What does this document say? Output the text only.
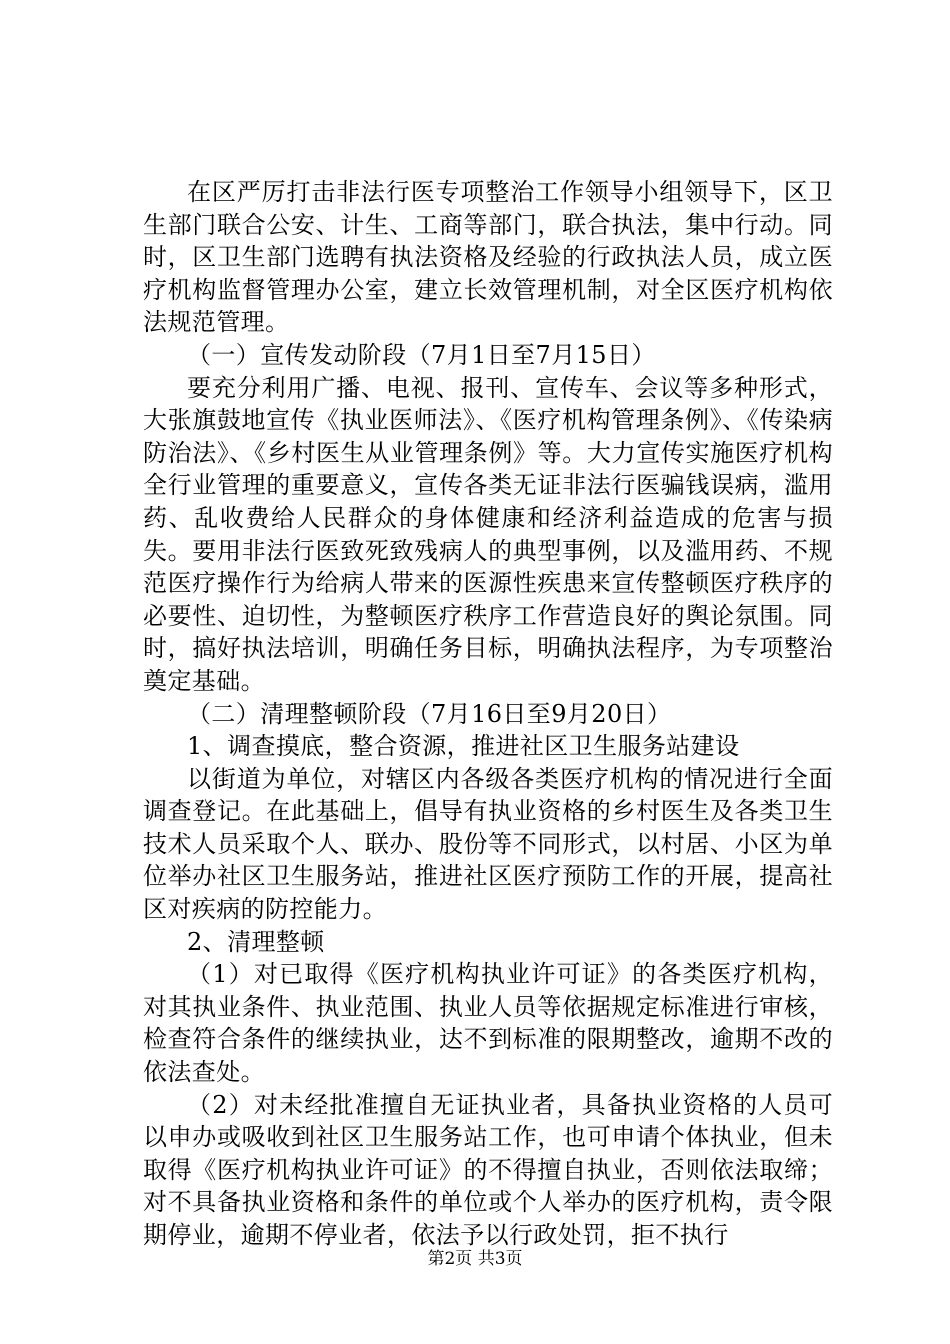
在区严厉打击非法行医专项整治工作领导小组领导下，区卫生部门联合公安、计生、工商等部门，联合执法，集中行动。同时，区卫生部门选聘有执法资格及经验的行政执法人员，成立医疗机构监督管理办公室，建立长效管理机制，对全区医疗机构依法规范管理。

（一）宣传发动阶段（7月1日至7月15日）

要充分利用广播、电视、报刊、宣传车、会议等多种形式，大张旗鼓地宣传《执业医师法》、《医疗机构管理条例》、《传染病防治法》、《乡村医生从业管理条例》等。大力宣传实施医疗机构全行业管理的重要意义，宣传各类无证非法行医骗钱误病，滥用药、乱收费给人民群众的身体健康和经济利益造成的危害与损失。要用非法行医致死致残病人的典型事例，以及滥用药、不规范医疗操作行为给病人带来的医源性疾患来宣传整顿医疗秩序的必要性、迫切性，为整顿医疗秩序工作营造良好的舆论氛围。同时，搞好执法培训，明确任务目标，明确执法程序，为专项整治奠定基础。

（二）清理整顿阶段（7月16日至9月20日）

1、调查摸底，整合资源，推进社区卫生服务站建设

以街道为单位，对辖区内各级各类医疗机构的情况进行全面调查登记。在此基础上，倡导有执业资格的乡村医生及各类卫生技术人员采取个人、联办、股份等不同形式，以村居、小区为单位举办社区卫生服务站，推进社区医疗预防工作的开展，提高社区对疾病的防控能力。

2、清理整顿

（1）对已取得《医疗机构执业许可证》的各类医疗机构，对其执业条件、执业范围、执业人员等依据规定标准进行审核，检查符合条件的继续执业，达不到标准的限期整改，逾期不改的依法查处。

（2）对未经批准擅自无证执业者，具备执业资格的人员可以申办或吸收到社区卫生服务站工作，也可申请个体执业，但未取得《医疗机构执业许可证》的不得擅自执业，否则依法取缔；对不具备执业资格和条件的单位或个人举办的医疗机构，责令限期停业，逾期不停业者，依法予以行政处罚，拒不执行

第2页 共3页
